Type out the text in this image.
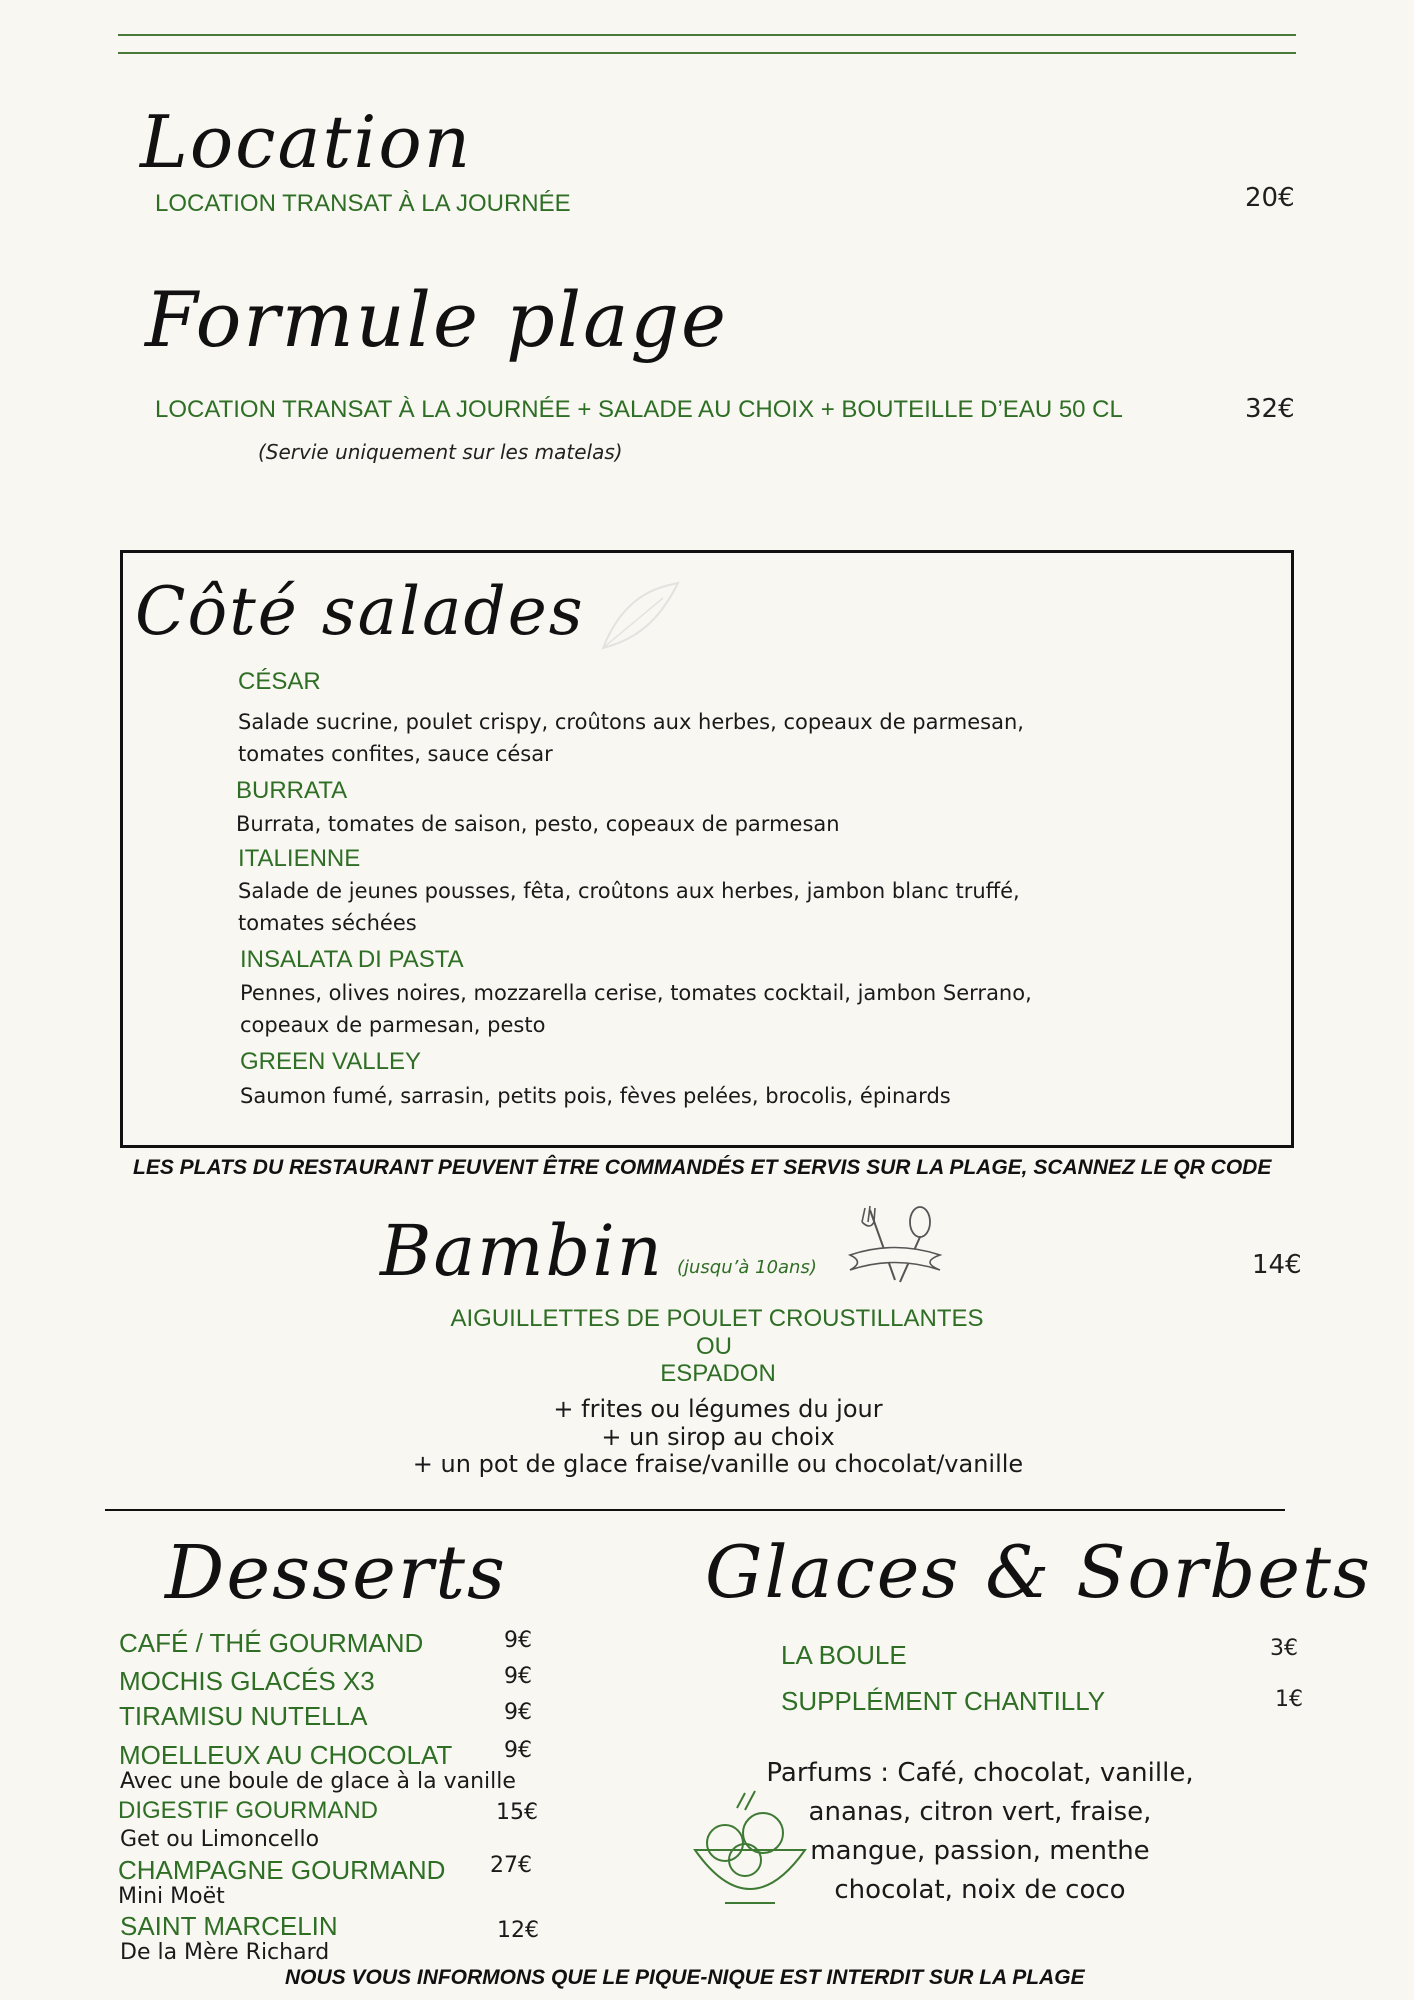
Location
LOCATION TRANSAT À LA JOURNÉE	20€
Formule plage
LOCATION TRANSAT À LA JOURNÉE + SALADE AU CHOIX + BOUTEILLE D’EAU 50 CL	32€
(Servie uniquement sur les matelas)
Côté salades
CÉSAR
Salade sucrine, poulet crispy, croûtons aux herbes, copeaux de parmesan,
tomates confites, sauce césar
BURRATA
Burrata, tomates de saison, pesto, copeaux de parmesan
ITALIENNE
Salade de jeunes pousses, fêta, croûtons aux herbes, jambon blanc truffé,
tomates séchées
INSALATA DI PASTA
Pennes, olives noires, mozzarella cerise, tomates cocktail, jambon Serrano,
copeaux de parmesan, pesto
GREEN VALLEY
Saumon fumé, sarrasin, petits pois, fèves pelées, brocolis, épinards
LES PLATS DU RESTAURANT PEUVENT ÊTRE COMMANDÉS ET SERVIS SUR LA PLAGE, SCANNEZ LE QR CODE
Bambin (jusqu’à 10ans)	14€
AIGUILLETTES DE POULET CROUSTILLANTES
OU
ESPADON
+ frites ou légumes du jour
+ un sirop au choix
+ un pot de glace fraise/vanille ou chocolat/vanille
Desserts
CAFÉ / THÉ GOURMAND	9€
MOCHIS GLACÉS X3	9€
TIRAMISU NUTELLA	9€
MOELLEUX AU CHOCOLAT 9€
Avec une boule de glace à la vanille
DIGESTIF GOURMAND	15€
Get ou Limoncello
CHAMPAGNE GOURMAND 27€
Mini Moët
SAINT MARCELIN	12€
De la Mère Richard
Glaces & Sorbets
LA BOULE	3€
SUPPLÉMENT CHANTILLY	1€
Parfums : Café, chocolat, vanille,
ananas, citron vert, fraise,
mangue, passion, menthe
chocolat, noix de coco
NOUS VOUS INFORMONS QUE LE PIQUE-NIQUE EST INTERDIT SUR LA PLAGE
